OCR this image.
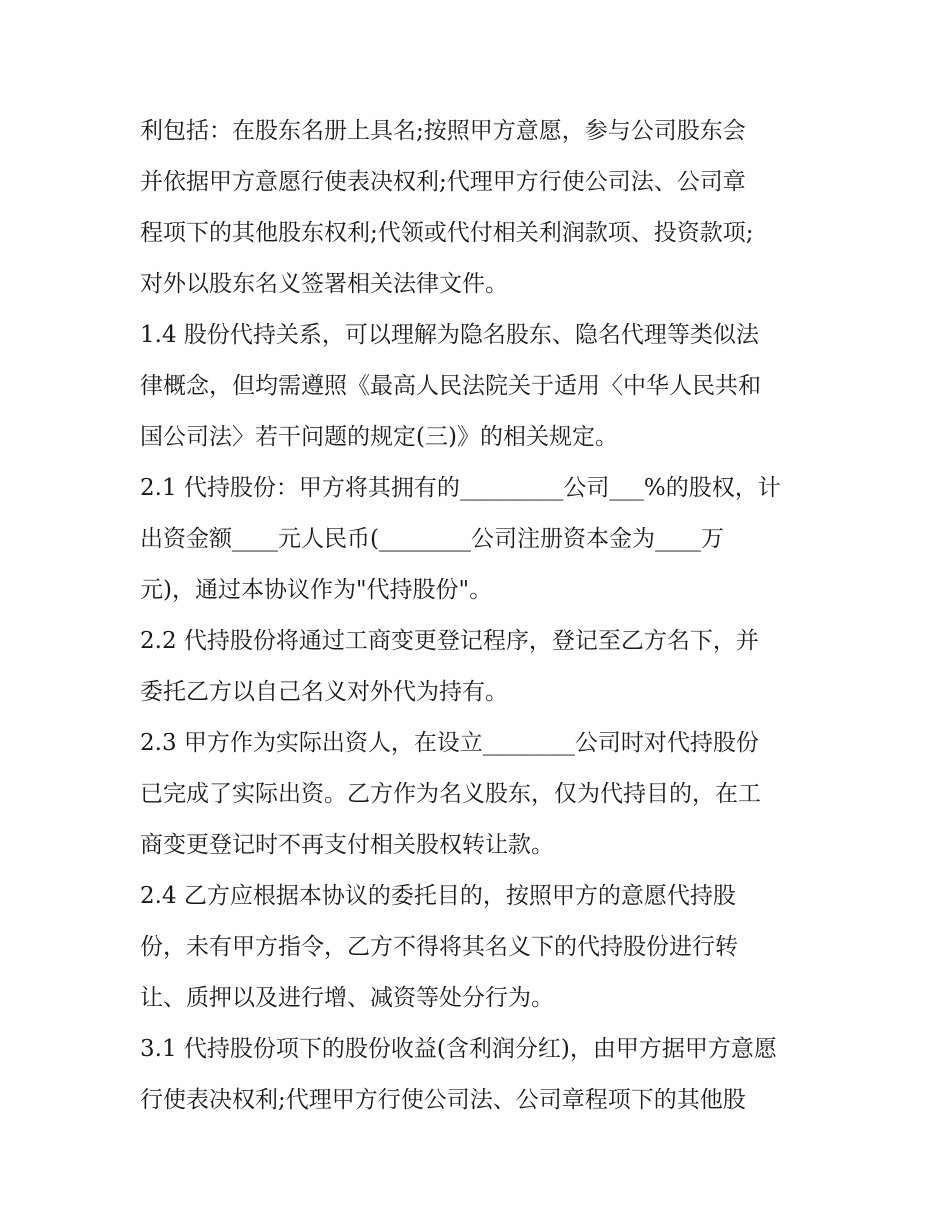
利包括：在股东名册上具名;按照甲方意愿，参与公司股东会
并依据甲方意愿行使表决权利;代理甲方行使公司法、公司章
程项下的其他股东权利;代领或代付相关利润款项、投资款项;
对外以股东名义签署相关法律文件。
1.4 股份代持关系，可以理解为隐名股东、隐名代理等类似法
律概念，但均需遵照《最高人民法院关于适用〈中华人民共和
国公司法〉若干问题的规定(三)》的相关规定。
2.1 代持股份：甲方将其拥有的_________公司___%的股权，计
出资金额____元人民币(________公司注册资本金为____万
元)，通过本协议作为"代持股份"。
2.2 代持股份将通过工商变更登记程序，登记至乙方名下，并
委托乙方以自己名义对外代为持有。
2.3 甲方作为实际出资人，在设立________公司时对代持股份
已完成了实际出资。乙方作为名义股东，仅为代持目的，在工
商变更登记时不再支付相关股权转让款。
2.4 乙方应根据本协议的委托目的，按照甲方的意愿代持股
份，未有甲方指令，乙方不得将其名义下的代持股份进行转
让、质押以及进行增、减资等处分行为。
3.1 代持股份项下的股份收益(含利润分红)，由甲方据甲方意愿
行使表决权利;代理甲方行使公司法、公司章程项下的其他股
